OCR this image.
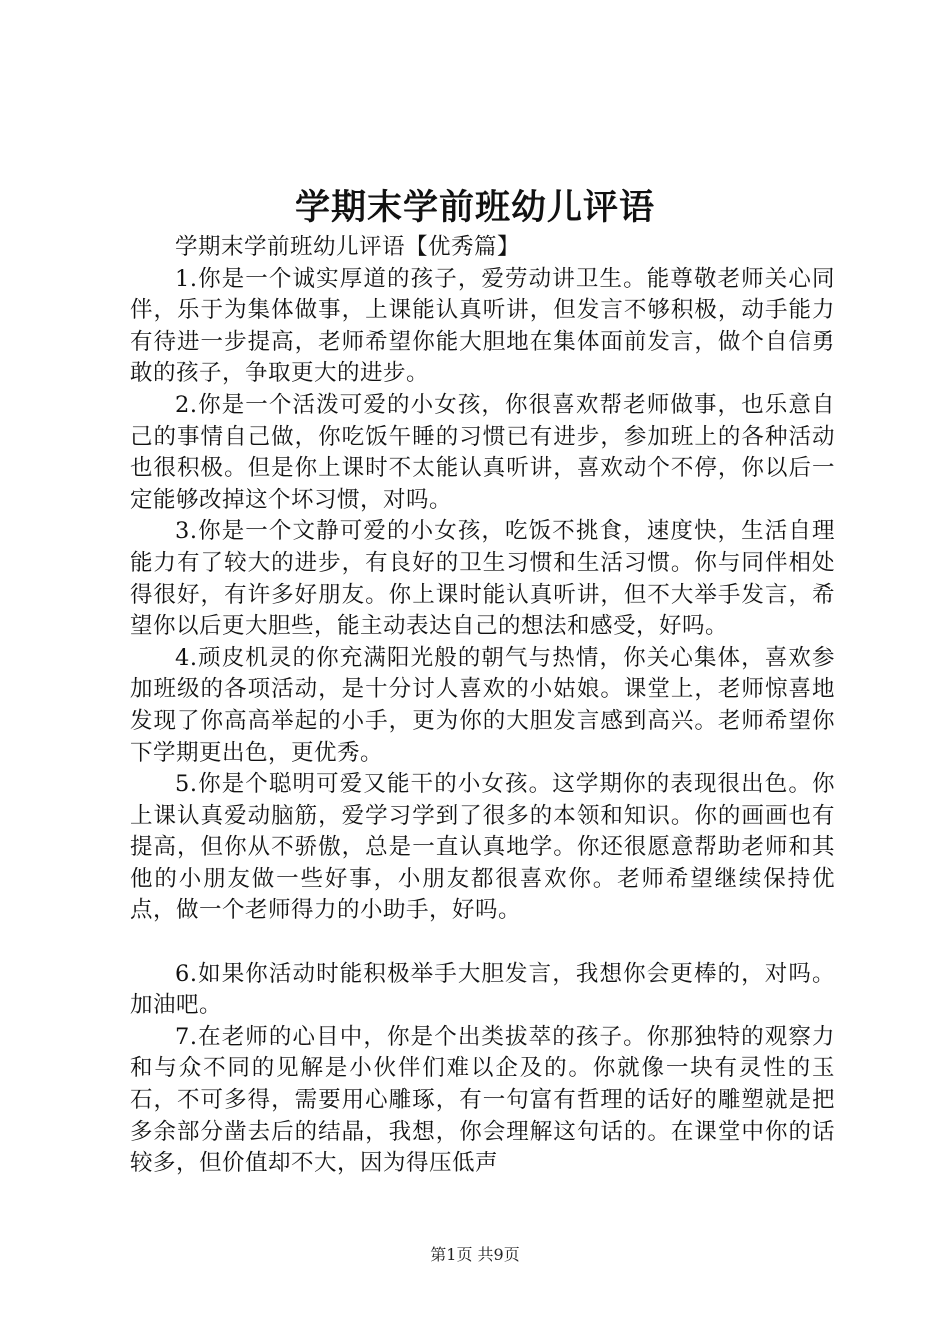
学期末学前班幼儿评语

学期末学前班幼儿评语【优秀篇】

1.你是一个诚实厚道的孩子，爱劳动讲卫生。能尊敬老师关心同伴，乐于为集体做事，上课能认真听讲，但发言不够积极，动手能力有待进一步提高，老师希望你能大胆地在集体面前发言，做个自信勇敢的孩子，争取更大的进步。

2.你是一个活泼可爱的小女孩，你很喜欢帮老师做事，也乐意自己的事情自己做，你吃饭午睡的习惯已有进步，参加班上的各种活动也很积极。但是你上课时不太能认真听讲，喜欢动个不停，你以后一定能够改掉这个坏习惯，对吗。

3.你是一个文静可爱的小女孩，吃饭不挑食，速度快，生活自理能力有了较大的进步，有良好的卫生习惯和生活习惯。你与同伴相处得很好，有许多好朋友。你上课时能认真听讲，但不大举手发言，希望你以后更大胆些，能主动表达自己的想法和感受，好吗。

4.顽皮机灵的你充满阳光般的朝气与热情，你关心集体，喜欢参加班级的各项活动，是十分讨人喜欢的小姑娘。课堂上，老师惊喜地发现了你高高举起的小手，更为你的大胆发言感到高兴。老师希望你下学期更出色，更优秀。

5.你是个聪明可爱又能干的小女孩。这学期你的表现很出色。你上课认真爱动脑筋，爱学习学到了很多的本领和知识。你的画画也有提高，但你从不骄傲，总是一直认真地学。你还很愿意帮助老师和其他的小朋友做一些好事，小朋友都很喜欢你。老师希望继续保持优点，做一个老师得力的小助手，好吗。

6.如果你活动时能积极举手大胆发言，我想你会更棒的，对吗。加油吧。

7.在老师的心目中，你是个出类拔萃的孩子。你那独特的观察力和与众不同的见解是小伙伴们难以企及的。你就像一块有灵性的玉石，不可多得，需要用心雕琢，有一句富有哲理的话好的雕塑就是把多余部分凿去后的结晶，我想，你会理解这句话的。在课堂中你的话较多，但价值却不大，因为得压低声

第1页 共9页
